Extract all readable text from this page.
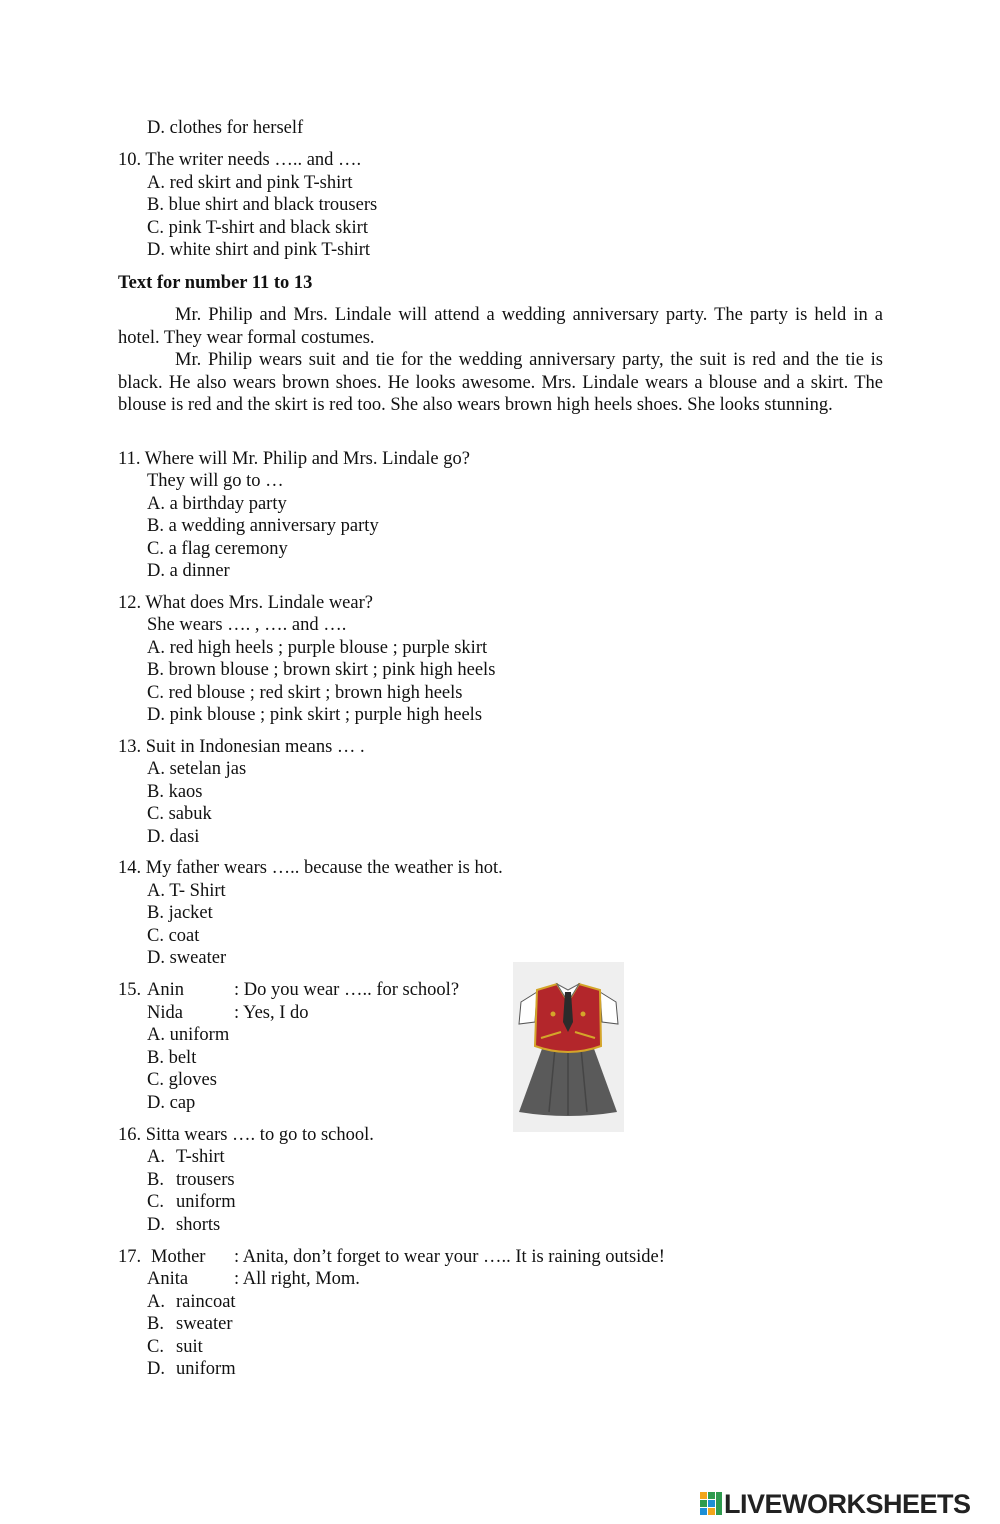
D. clothes for herself
10. The writer needs ….. and ….
A. red skirt and pink T-shirt
B. blue shirt and black trousers
C. pink T-shirt and black skirt
D. white shirt and pink T-shirt
Text for number 11 to 13

Mr. Philip and Mrs. Lindale will attend a wedding anniversary party. The party is held in a hotel. They wear formal costumes.

Mr. Philip wears suit and tie for the wedding anniversary party, the suit is red and the tie is black. He also wears brown shoes. He looks awesome. Mrs. Lindale wears a blouse and a skirt. The blouse is red and the skirt is red too. She also wears brown high heels shoes. She looks stunning.

11. Where will Mr. Philip and Mrs. Lindale go?
They will go to …
A. a birthday party
B. a wedding anniversary party
C. a flag ceremony
D. a dinner
12. What does Mrs. Lindale wear?
She wears …. , …. and ….
A. red high heels ; purple blouse ; purple skirt
B. brown blouse ; brown skirt ; pink high heels
C. red blouse ; red skirt ; brown high heels
D. pink blouse ; pink skirt ; purple high heels
13. Suit in Indonesian means … .
A. setelan jas
B. kaos
C. sabuk
D. dasi
14. My father wears ….. because the weather is hot.
A. T- Shirt
B. jacket
C. coat
D. sweater
15. Anin	: Do you wear ….. for school?
Nida	: Yes, I do
A. uniform
B. belt
C. gloves
D. cap
16. Sitta wears …. to go to school.
A. T-shirt
B. trousers
C. uniform
D. shorts
17. Mother : Anita, don’t forget to wear your ….. It is raining outside!
Anita : All right, Mom.
A. raincoat
B. sweater
C. suit
D. uniform
LIVEWORKSHEETS
